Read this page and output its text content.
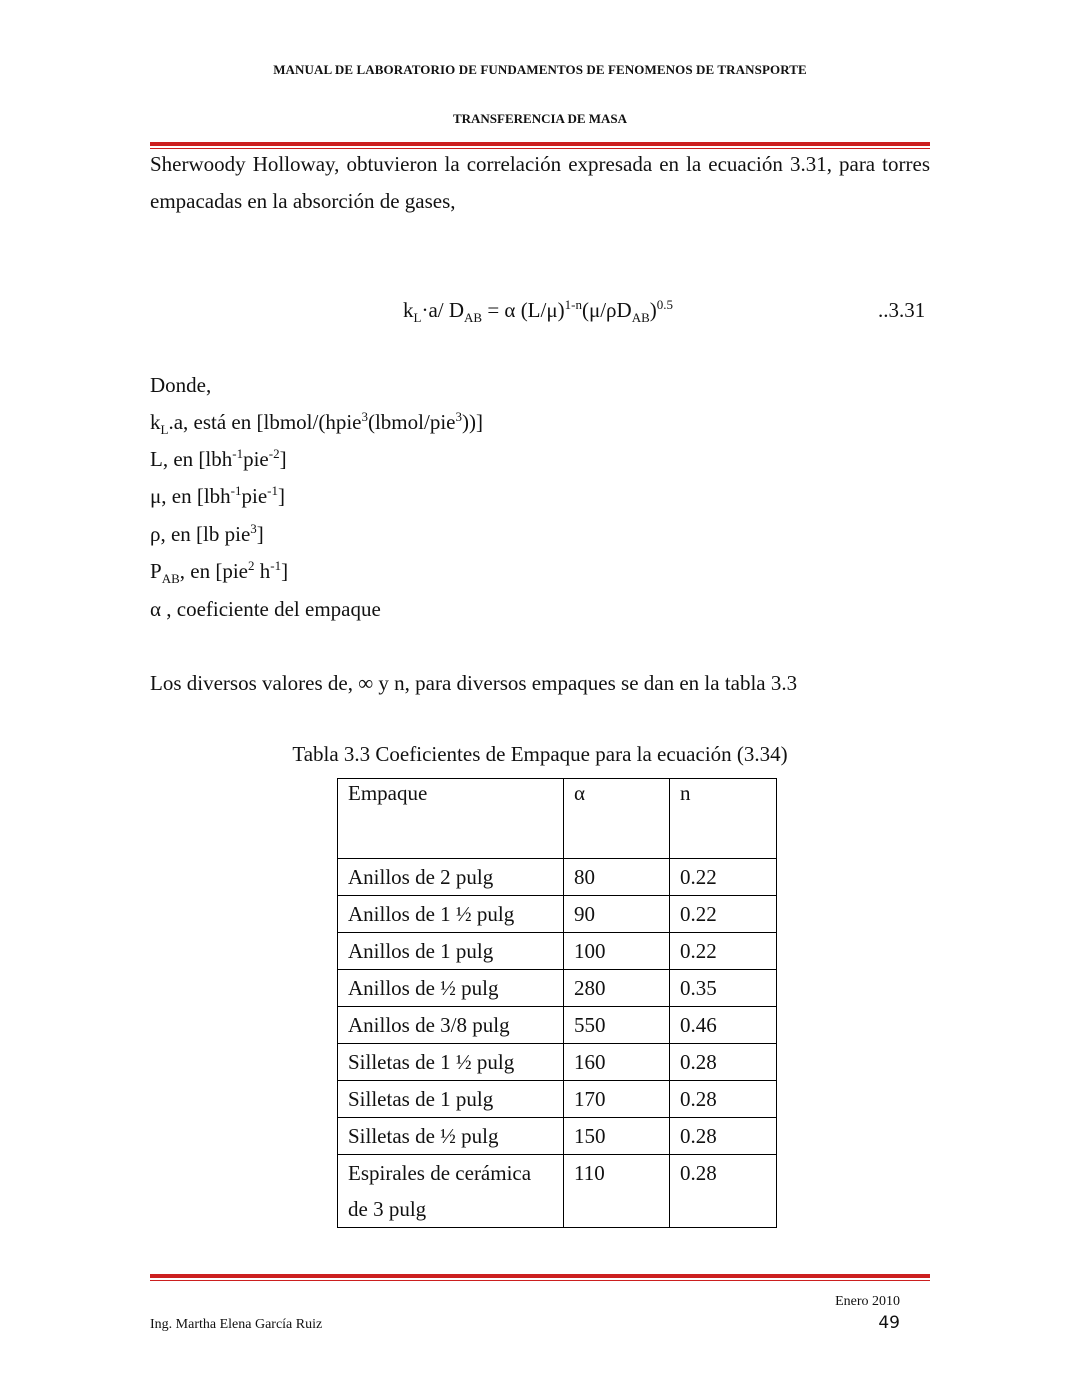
MANUAL DE LABORATORIO DE FUNDAMENTOS DE FENOMENOS DE TRANSPORTE
TRANSFERENCIA DE MASA
Sherwoody Holloway, obtuvieron la correlación expresada en la ecuación 3.31, para torres
empacadas en la absorción de gases,
$k_L\cdot a/$ $D_{AB} = \alpha$ $(L/\mu)^{1-n}(\mu/\rho D_{AB})^{0.5}$	..3.31
Donde,
$k_L.a$, está en [lbmol/(hpie$^3$(lbmol/pie$^3$))]
L, en [lbh$^{-1}$pie$^{-2}$]
μ, en [lbh$^{-1}$pie$^{-1}$]
ρ, en [lb pie$^3$]
$P_{AB}$, en [pie$^2$ $h^{-1}$]
α , coeficiente del empaque
Los diversos valores de, ∞ y n, para diversos empaques se dan en la tabla 3.3
Tabla 3.3 Coeficientes de Empaque para la ecuación (3.34)
Empaque	α	n
Anillos de 2 pulg	80	0.22
Anillos de 1 ½ pulg	90	0.22
Anillos de 1 pulg	100	0.22
Anillos de ½ pulg	280	0.35
Anillos de 3/8 pulg	550	0.46
Silletas de 1 ½ pulg	160	0.28
Silletas de 1 pulg	170	0.28
Silletas de ½ pulg	150	0.28
Espirales de cerámica de 3 pulg	110	0.28
Enero 2010
Ing. Martha Elena García Ruiz	49
